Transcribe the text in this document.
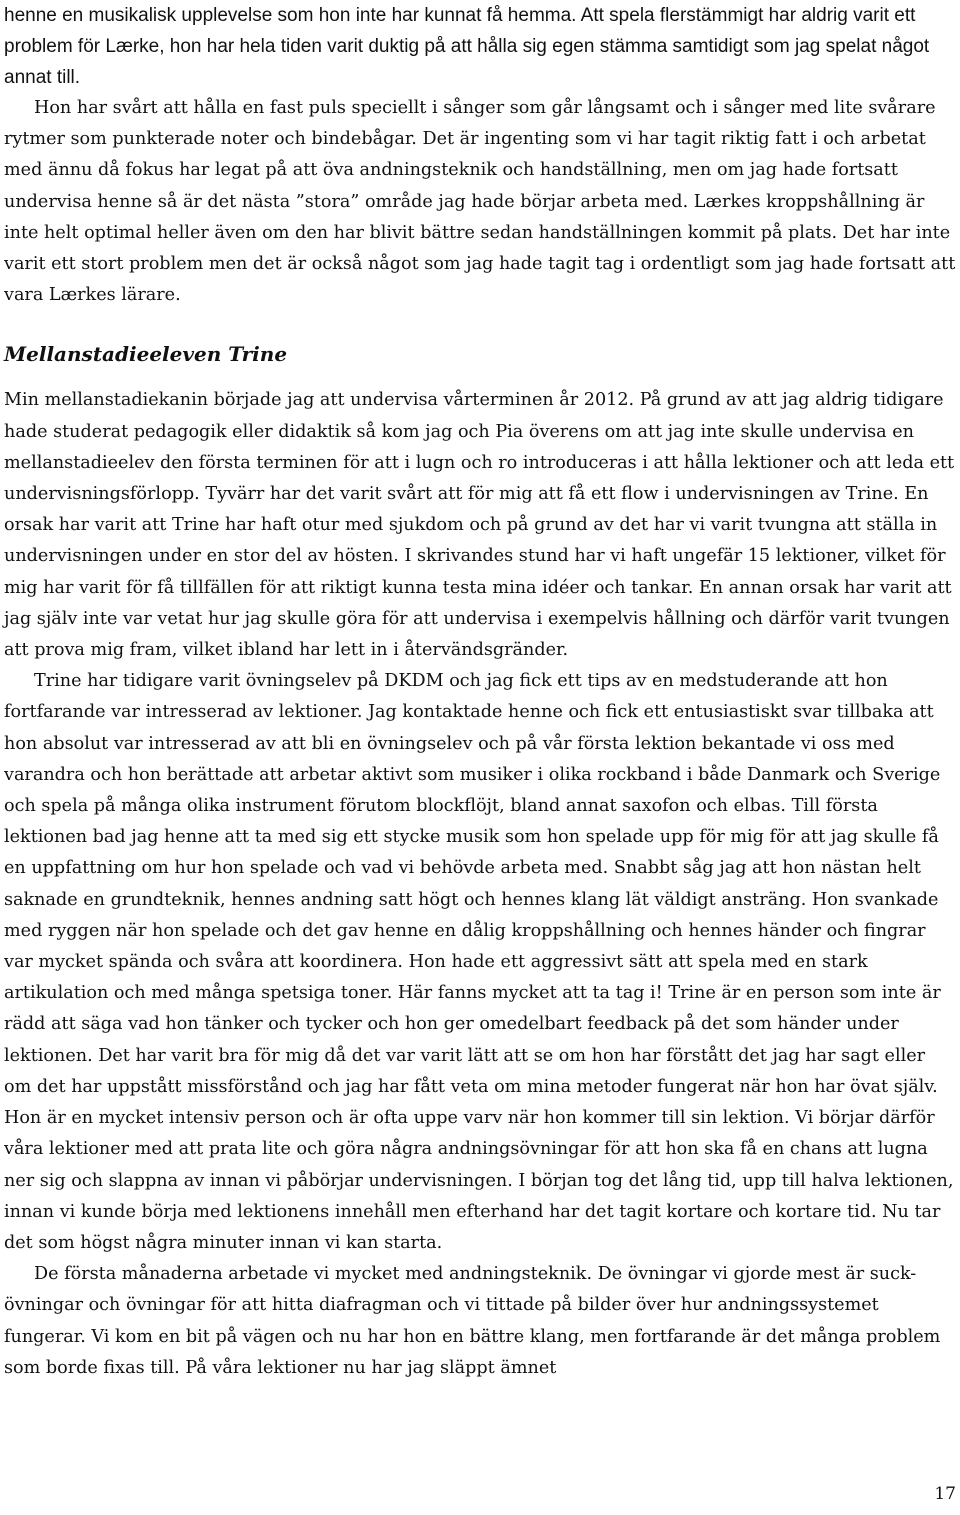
henne en musikalisk upplevelse som hon inte har kunnat få hemma. Att spela flerstämmigt har aldrig varit ett problem för Lærke, hon har hela tiden varit duktig på att hålla sig egen stämma samtidigt som jag spelat något annat till.

Hon har svårt att hålla en fast puls speciellt i sånger som går långsamt och i sånger med lite svårare rytmer som punkterade noter och bindebågar. Det är ingenting som vi har tagit riktig fatt i och arbetat med ännu då fokus har legat på att öva andningsteknik och handställning, men om jag hade fortsatt undervisa henne så är det nästa ”stora” område jag hade börjar arbeta med. Lærkes kroppshållning är inte helt optimal heller även om den har blivit bättre sedan handställningen kommit på plats. Det har inte varit ett stort problem men det är också något som jag hade tagit tag i ordentligt som jag hade fortsatt att vara Lærkes lärare.

Mellanstadieeleven Trine

Min mellanstadiekanin började jag att undervisa vårterminen år 2012. På grund av att jag aldrig tidigare hade studerat pedagogik eller didaktik så kom jag och Pia överens om att jag inte skulle undervisa en mellanstadieelev den första terminen för att i lugn och ro introduceras i att hålla lektioner och att leda ett undervisningsförlopp. Tyvärr har det varit svårt att för mig att få ett flow i undervisningen av Trine. En orsak har varit att Trine har haft otur med sjukdom och på grund av det har vi varit tvungna att ställa in undervisningen under en stor del av hösten. I skrivandes stund har vi haft ungefär 15 lektioner, vilket för mig har varit för få tillfällen för att riktigt kunna testa mina idéer och tankar. En annan orsak har varit att jag själv inte var vetat hur jag skulle göra för att undervisa i exempelvis hållning och därför varit tvungen att prova mig fram, vilket ibland har lett in i återvändsgränder.

Trine har tidigare varit övningselev på DKDM och jag fick ett tips av en medstuderande att hon fortfarande var intresserad av lektioner. Jag kontaktade henne och fick ett entusiastiskt svar tillbaka att hon absolut var intresserad av att bli en övningselev och på vår första lektion bekantade vi oss med varandra och hon berättade att arbetar aktivt som musiker i olika rockband i både Danmark och Sverige och spela på många olika instrument förutom blockflöjt, bland annat saxofon och elbas. Till första lektionen bad jag henne att ta med sig ett stycke musik som hon spelade upp för mig för att jag skulle få en uppfattning om hur hon spelade och vad vi behövde arbeta med. Snabbt såg jag att hon nästan helt saknade en grundteknik, hennes andning satt högt och hennes klang lät väldigt ansträng. Hon svankade med ryggen när hon spelade och det gav henne en dålig kroppshållning och hennes händer och fingrar var mycket spända och svåra att koordinera. Hon hade ett aggressivt sätt att spela med en stark artikulation och med många spetsiga toner. Här fanns mycket att ta tag i! Trine är en person som inte är rädd att säga vad hon tänker och tycker och hon ger omedelbart feedback på det som händer under lektionen. Det har varit bra för mig då det var varit lätt att se om hon har förstått det jag har sagt eller om det har uppstått missförstånd och jag har fått veta om mina metoder fungerat när hon har övat själv. Hon är en mycket intensiv person och är ofta uppe varv när hon kommer till sin lektion. Vi börjar därför våra lektioner med att prata lite och göra några andningsövningar för att hon ska få en chans att lugna ner sig och slappna av innan vi påbörjar undervisningen. I början tog det lång tid, upp till halva lektionen, innan vi kunde börja med lektionens innehåll men efterhand har det tagit kortare och kortare tid. Nu tar det som högst några minuter innan vi kan starta.

De första månaderna arbetade vi mycket med andningsteknik. De övningar vi gjorde mest är suck-övningar och övningar för att hitta diafragman och vi tittade på bilder över hur andningssystemet fungerar. Vi kom en bit på vägen och nu har hon en bättre klang, men fortfarande är det många problem som borde fixas till. På våra lektioner nu har jag släppt ämnet

17
